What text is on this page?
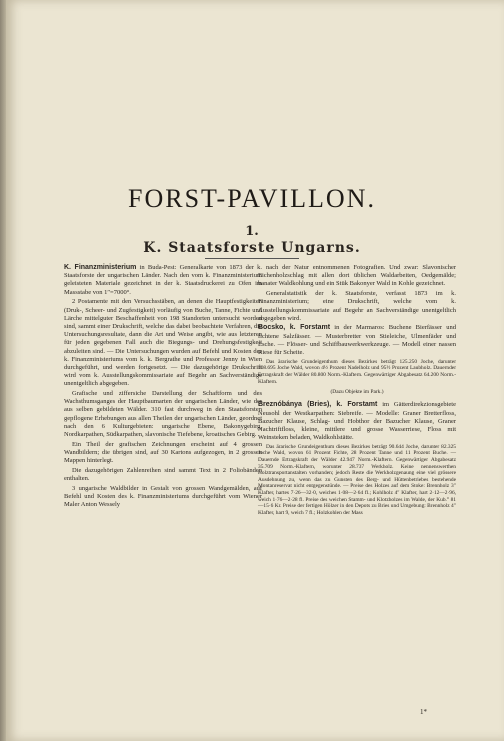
FORST-PAVILLON.
1.
K. Staatsforste Ungarns.

K. Finanzministerium in Buda-Pest: Generalkarte von 1873 der k. Staatsforste der ungarischen Länder. Nach den vom k. Finanzministerium geleisteten Materiale gezeichnet in der k. Staatsdruckerei zu Ofen im Massstabe von 1″=7000°.

2 Postamente mit den Versuchsstäben, an denen die Hauptfestigkeiten (Druk-, Scheer- und Zugfestigkeit) vorläufig von Buche, Tanne, Fichte und Lärche mittelguter Beschaffenheit von 198 Standorten untersucht worden sind, sammt einer Drukschrift, welche das dabei beobachtete Verfahren, die Untersuchungsresultate, dann die Art und Weise angibt, wie aus letzteren für jeden gegebenen Fall auch die Biegungs- und Drehungsfestigkeit abzuleiten sind. — Die Untersuchungen wurden auf Befehl und Kosten des k. Finanzministeriums vom k. k. Bergrathe und Professor Jenny in Wien durchgeführt, und werden fortgesetzt. — Die dazugehörige Drukschrift wird vom k. Ausstellungskommissariate auf Begehr an Sachverständige unentgeltlich abgegeben.

Grafische und ziffersiche Darstellung der Schaftform und des Wachsthumsganges der Hauptbaumarten der ungarischen Länder, wie der aus selben gebildeten Wälder. 310 fast durchweg in den Staatsforsten gepflogene Erhebungen aus allen Theilen der ungarischen Länder, geordnet nach den 6 Kulturgebieten: ungarische Ebene, Bakonygebirg, Nordkarpathen, Südkarpathen, slavonische Tiefebene, kroatisches Gebirg.

Ein Theil der grafischen Zeichnungen erscheint auf 4 grossen Wandbildern; die übrigen sind, auf 30 Kartons aufgezogen, in 2 grossen Mappen hinterlegt.

Die dazugehörigen Zahlenreihen sind sammt Text in 2 Foliobänden enthalten.

3 ungarische Waldbilder in Gestalt von grossen Wandgemälden, auf Befehl und Kosten des k. Finanzministeriums durchgeführt vom Wiener Maler Anton Wessely

nach der Natur entnommenen Fotografien. Und zwar: Slavonischer Eichenholzschlag mit allen dort üblichen Waldarbeiten, Oedgemälde; banater Waldkohlung und ein Stük Bakonyer Wald in Kohle gezeichnet.

Generalstatistik der k. Staatsforste, verfasst 1873 im k. Finanzministerium; eine Drukschrift, welche vom k. Ausstellungskommissariate auf Begehr an Sachverständige unentgeltlich abgegeben wird.

Bocsko, k. Forstamt in der Marmaros: Buchene Bierfässer und fichtene Salzfässer. — Musterbretter von Stieleiche, Ulmenfäder und Esche. — Flösser- und Schiffbauwerkwerkzeuge. — Modell einer nassen Riese für Scheite.

Das ärarische Grundeigenthum dieses Bezirkes beträgt 125.250 Joche, darunter 108.695 Joche Wald, wovon 4½ Prozent Nadelholz und 95½ Prozent Laubholz. Dauernder Ertragskraft der Wälder 80.800 Norm.-Klaftern. Gegenwärtiger Abgabesatz 64.200 Norm.-Klaftern.

(Dazu Objekte im Park.)

Breznóbánya (Bries), k. Forstamt im Gätterdirekzionsgebiete Neusohl der Westkarpathen: Siebreife. — Modelle: Graner Bretterfloss, Bazucher Klause, Schlag- und Hobthor der Bazucher Klause, Graner Nachtriftfloss, kleine, mittlere und grosse Wasserriese, Floss mit Weinsteken beladen, Waldkohlstätte.

Das ärarische Grundeigenthum dieses Bezirkes beträgt 90.644 Joche, darunter 82.325 Joche Wald, wovon 61 Prozent Fichte, 28 Prozent Tanne und 11 Prozent Buche. — Dauernde Ertragskraft der Wälder 42.947 Norm.-Klaftern. Gegenwärtiger Abgabesatz 35.709 Norm.-Klaftern, worunter 28.737 Werkholz. Keine nennenswerthen Holztransportanstalten vorhanden; jedoch Reste die Werkholzgenaung eine viel grössere Ausdehnung zu, wenn das zu Gunsten des Berg- und Hüttenbetriebes bestehende Montanreservat nicht entgegenstünde. — Preise des Holzes auf dem Stoke: Brennholz 3″ Klafter, hartes 7·26—32·0, weiches 1·08—2·64 fl.; Kohlholz 4″ Klafter, hart 2·12—2·96, weich 1·76—2·28 fl. Preise des weichen Stamm- und Klotzholzes im Walde, der Kub.° 81—15·6 Kr. Preise der fertigen Hölzer in den Depots zu Bries und Umgebung: Brennholz 4″ Klafter, hart 9, weich 7 fl.; Holzkohlen der Mass

1*
